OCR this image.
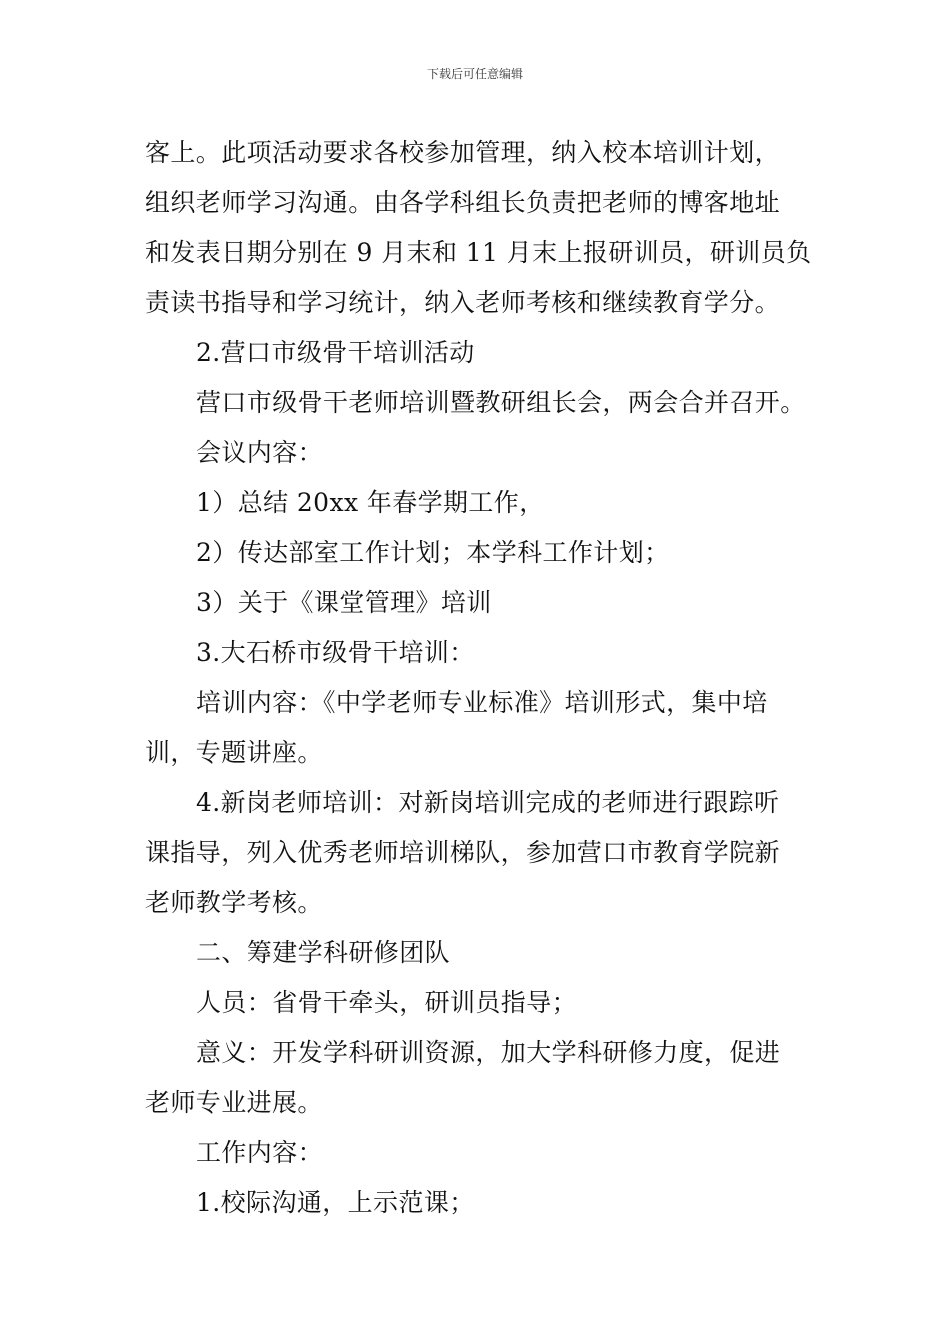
下载后可任意编辑
客上。此项活动要求各校参加管理，纳入校本培训计划，
组织老师学习沟通。由各学科组长负责把老师的博客地址
和发表日期分别在 9 月末和 11 月末上报研训员，研训员负
责读书指导和学习统计，纳入老师考核和继续教育学分。
2.营口市级骨干培训活动
营口市级骨干老师培训暨教研组长会，两会合并召开。
会议内容：
1）总结 20xx 年春学期工作，
2）传达部室工作计划；本学科工作计划；
3）关于《课堂管理》培训
3.大石桥市级骨干培训：
培训内容：《中学老师专业标准》培训形式，集中培
训，专题讲座。
4.新岗老师培训：对新岗培训完成的老师进行跟踪听
课指导，列入优秀老师培训梯队，参加营口市教育学院新
老师教学考核。
二、筹建学科研修团队
人员：省骨干牵头，研训员指导；
意义：开发学科研训资源，加大学科研修力度，促进
老师专业进展。
工作内容：
1.校际沟通，上示范课；
